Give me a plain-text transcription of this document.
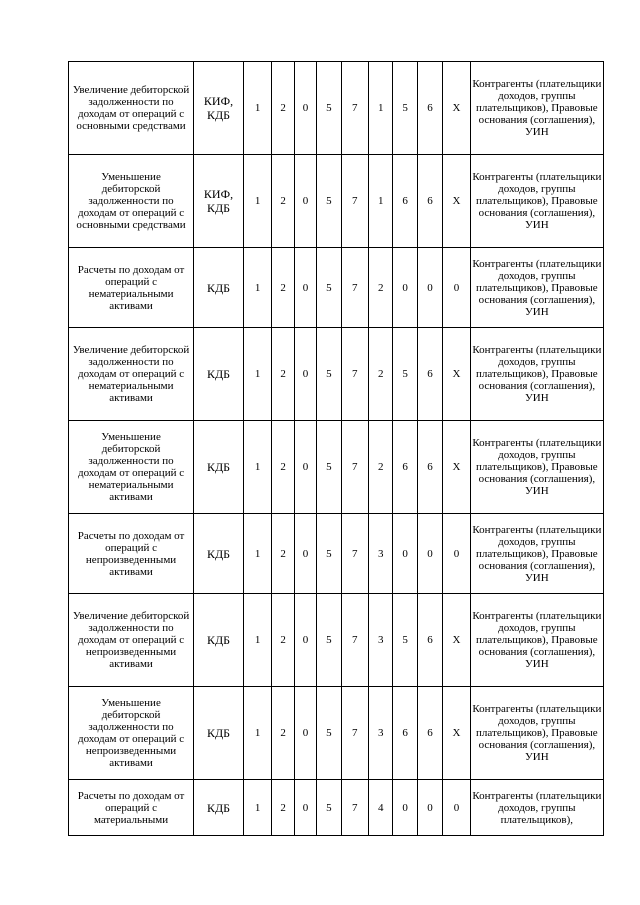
Увеличение дебиторской задолженности по доходам от операций с основными средствами	КИФ, КДБ	1	2	0	5	7	1	5	6	Х	Контрагенты (плательщики доходов, группы плательщиков), Правовые основания (соглашения), УИН
Уменьшение дебиторской задолженности по доходам от операций с основными средствами	КИФ, КДБ	1	2	0	5	7	1	6	6	Х	Контрагенты (плательщики доходов, группы плательщиков), Правовые основания (соглашения), УИН
Расчеты по доходам от операций с нематериальными активами	КДБ	1	2	0	5	7	2	0	0	0	Контрагенты (плательщики доходов, группы плательщиков), Правовые основания (соглашения), УИН
Увеличение дебиторской задолженности по доходам от операций с нематериальными активами	КДБ	1	2	0	5	7	2	5	6	Х	Контрагенты (плательщики доходов, группы плательщиков), Правовые основания (соглашения), УИН
Уменьшение дебиторской задолженности по доходам от операций с нематериальными активами	КДБ	1	2	0	5	7	2	6	6	Х	Контрагенты (плательщики доходов, группы плательщиков), Правовые основания (соглашения), УИН
Расчеты по доходам от операций с непроизведенными активами	КДБ	1	2	0	5	7	3	0	0	0	Контрагенты (плательщики доходов, группы плательщиков), Правовые основания (соглашения), УИН
Увеличение дебиторской задолженности по доходам от операций с непроизведенными активами	КДБ	1	2	0	5	7	3	5	6	Х	Контрагенты (плательщики доходов, группы плательщиков), Правовые основания (соглашения), УИН
Уменьшение дебиторской задолженности по доходам от операций с непроизведенными активами	КДБ	1	2	0	5	7	3	6	6	Х	Контрагенты (плательщики доходов, группы плательщиков), Правовые основания (соглашения), УИН
Расчеты по доходам от операций с материальными	КДБ	1	2	0	5	7	4	0	0	0	Контрагенты (плательщики доходов, группы плательщиков),
